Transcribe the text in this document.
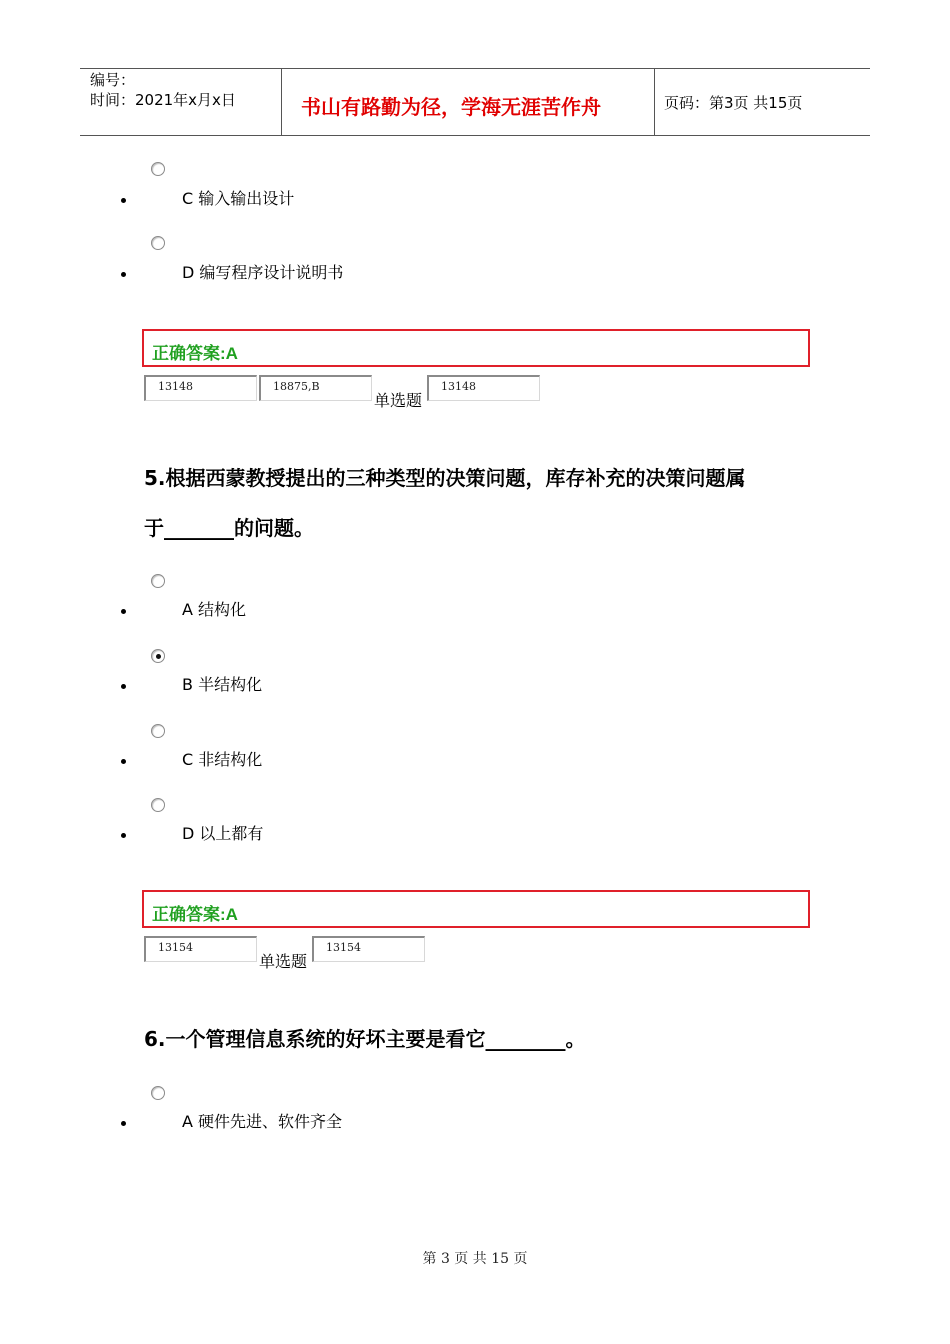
编号：
时间：2021年x月x日	书山有路勤为径，学海无涯苦作舟	页码：第3页 共15页
C 输入输出设计
D 编写程序设计说明书
正确答案:A
13148	18875,B
单选题
13148
5.根据西蒙教授提出的三种类型的决策问题，库存补充的决策问题属
于_______的问题。
A 结构化
B 半结构化
C 非结构化
D 以上都有
正确答案:A
13154
单选题
13154
6.一个管理信息系统的好坏主要是看它________。
A 硬件先进、软件齐全
第 3 页 共 15 页
